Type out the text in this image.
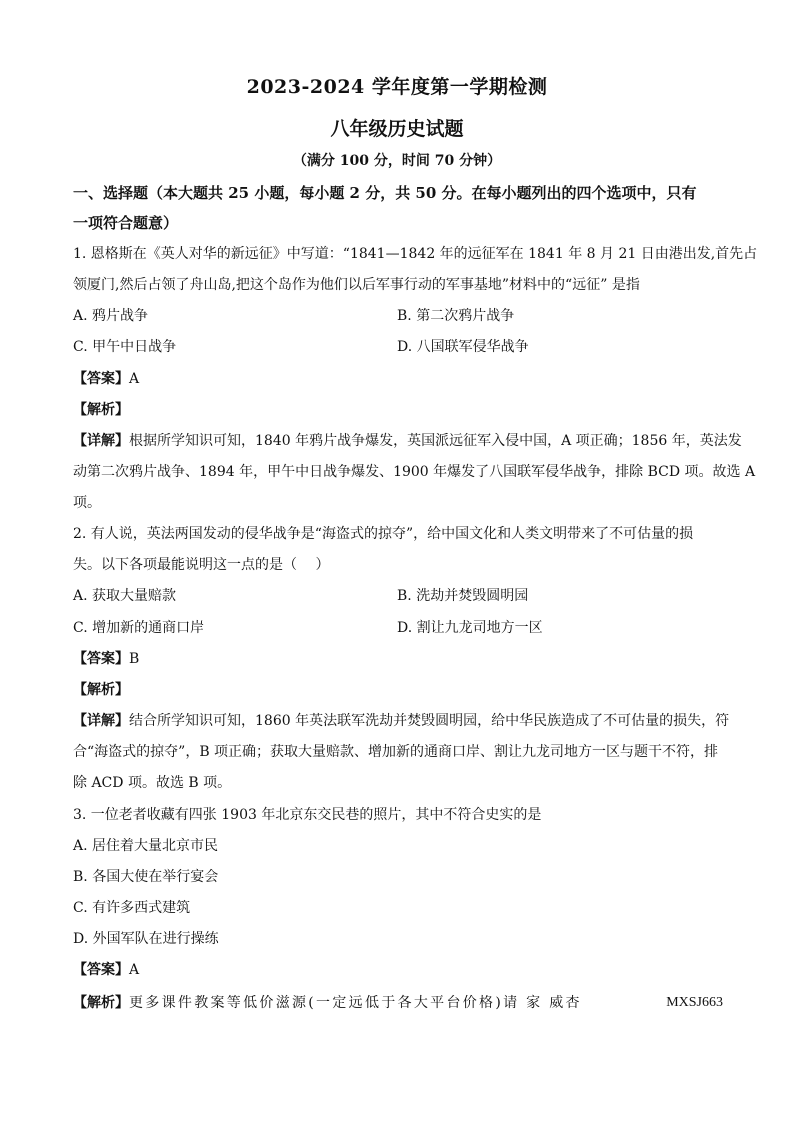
2023-2024 学年度第一学期检测
八年级历史试题
（满分 100 分，时间 70 分钟）
一、选择题（本大题共 25 小题，每小题 2 分，共 50 分。在每小题列出的四个选项中，只有
一项符合题意）
1. 恩格斯在《英人对华的新远征》中写道：“1841—1842 年的远征军在 1841 年 8 月 21 日由港出发,首先占
领厦门,然后占领了舟山岛,把这个岛作为他们以后军事行动的军事基地”材料中的“远征” 是指
A. 鸦片战争	B. 第二次鸦片战争
C. 甲午中日战争	D. 八国联军侵华战争
【答案】A
【解析】
【详解】根据所学知识可知，1840 年鸦片战争爆发，英国派远征军入侵中国，A 项正确；1856 年，英法发
动第二次鸦片战争、1894 年，甲午中日战争爆发、1900 年爆发了八国联军侵华战争，排除 BCD 项。故选 A
项。
2. 有人说，英法两国发动的侵华战争是“海盗式的掠夺”，给中国文化和人类文明带来了不可估量的损
失。以下各项最能说明这一点的是（　 ）
A. 获取大量赔款	B. 洗劫并焚毁圆明园
C. 增加新的通商口岸	D. 割让九龙司地方一区
【答案】B
【解析】
【详解】结合所学知识可知，1860 年英法联军洗劫并焚毁圆明园，给中华民族造成了不可估量的损失，符
合“海盗式的掠夺”，B 项正确；获取大量赔款、增加新的通商口岸、割让九龙司地方一区与题干不符，排
除 ACD 项。故选 B 项。
3. 一位老者收藏有四张 1903 年北京东交民巷的照片，其中不符合史实的是
A. 居住着大量北京市民
B. 各国大使在举行宴会
C. 有许多西式建筑
D. 外国军队在进行操练
【答案】A
【解析】更多课件教案等低价滋源(一定远低于各大平台价格)请 家 威杏	MXSJ663
